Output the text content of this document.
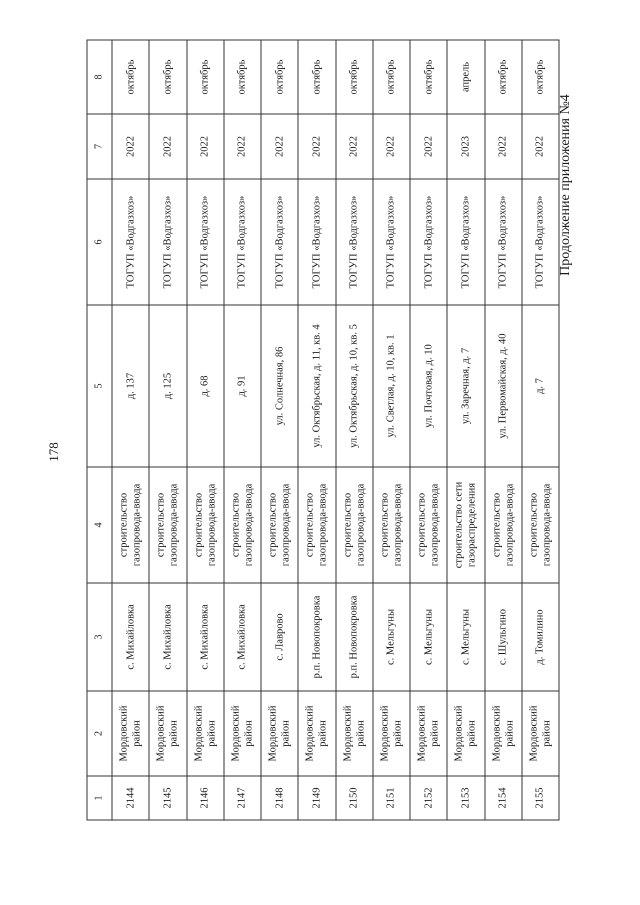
178
Продолжение приложения №4
1	2	3	4	5	6	7	8
2144	Мордовский район	с. Михайловка	строительство газопровода-ввода	д. 137	ТОГУП «Водгазхоз»	2022	октябрь
2145	Мордовский район	с. Михайловка	строительство газопровода-ввода	д. 125	ТОГУП «Водгазхоз»	2022	октябрь
2146	Мордовский район	с. Михайловка	строительство газопровода-ввода	д. 68	ТОГУП «Водгазхоз»	2022	октябрь
2147	Мордовский район	с. Михайловка	строительство газопровода-ввода	д. 91	ТОГУП «Водгазхоз»	2022	октябрь
2148	Мордовский район	с. Лаврово	строительство газопровода-ввода	ул. Солнечная, 86	ТОГУП «Водгазхоз»	2022	октябрь
2149	Мордовский район	р.п. Новопокровка	строительство газопровода-ввода	ул. Октябрьская, д. 11, кв. 4	ТОГУП «Водгазхоз»	2022	октябрь
2150	Мордовский район	р.п. Новопокровка	строительство газопровода-ввода	ул. Октябрьская, д. 10, кв. 5	ТОГУП «Водгазхоз»	2022	октябрь
2151	Мордовский район	с. Мельгуны	строительство газопровода-ввода	ул. Светлая, д. 10, кв. 1	ТОГУП «Водгазхоз»	2022	октябрь
2152	Мордовский район	с. Мельгуны	строительство газопровода-ввода	ул. Почтовая, д. 10	ТОГУП «Водгазхоз»	2022	октябрь
2153	Мордовский район	с. Мельгуны	строительство сети газораспределения	ул. Заречная, д. 7	ТОГУП «Водгазхоз»	2023	апрель
2154	Мордовский район	с. Шульгино	строительство газопровода-ввода	ул. Первомайская, д. 40	ТОГУП «Водгазхоз»	2022	октябрь
2155	Мордовский район	д. Томилино	строительство газопровода-ввода	д. 7	ТОГУП «Водгазхоз»	2022	октябрь
